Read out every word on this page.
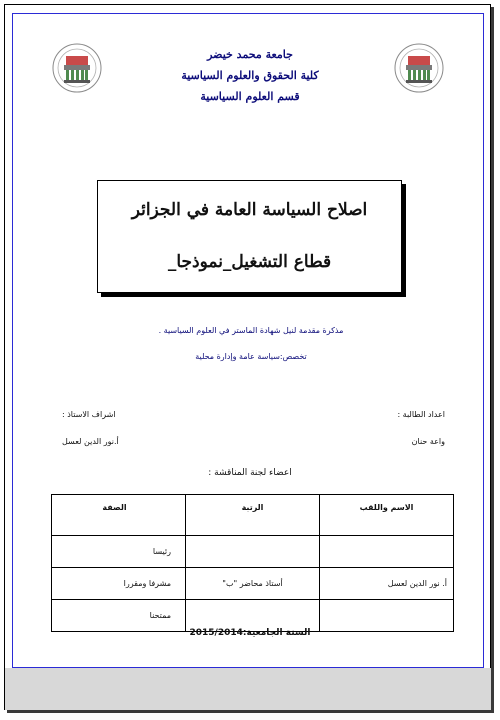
جامعة محمد خيضر
كلية الحقوق والعلوم السياسية
قسم العلوم السياسية
اصلاح السياسة العامة في الجزائر
قطاع التشغيل_نموذجا_
مذكرة مقدمة لنيل شهادة الماستر في العلوم السياسية .
تخصص:سياسة عامة وإدارة محلية
اعداد الطالبة :
واعة حنان
اشراف الاستاذ :
أ.نور الدين لعسل
اعضاء لجنة المناقشة :
الاسم واللقب	الرتبة	الصفة
		رئيسا
أ. نور الدين لعسل	أستاذ محاضر "ب"	مشرفا ومقررا
		ممتحنا
السنة الجامعية:2015/2014
